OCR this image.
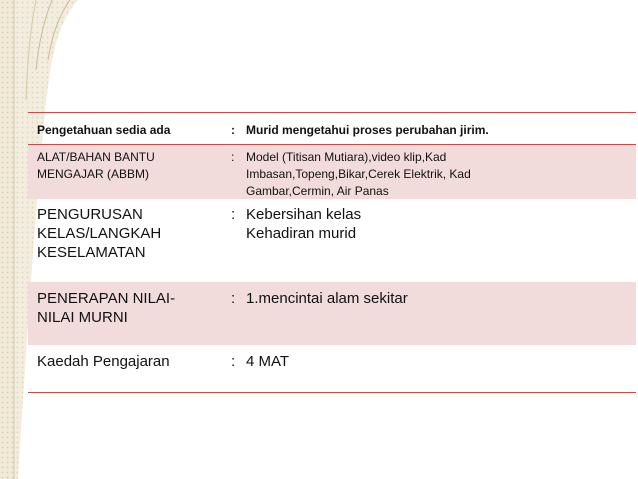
Pengetahuan sedia ada	: Murid mengetahui proses perubahan jirim.
ALAT/BAHAN BANTU
MENGAJAR (ABBM)
: Model (Titisan Mutiara),video klip,Kad
Imbasan,Topeng,Bikar,Cerek Elektrik, Kad
Gambar,Cermin, Air Panas
PENGURUSAN
KELAS/LANGKAH
KESELAMATAN
: Kebersihan kelas
Kehadiran murid
PENERAPAN NILAI-
NILAI MURNI
: 1.mencintai alam sekitar
Kaedah Pengajaran	: 4 MAT
